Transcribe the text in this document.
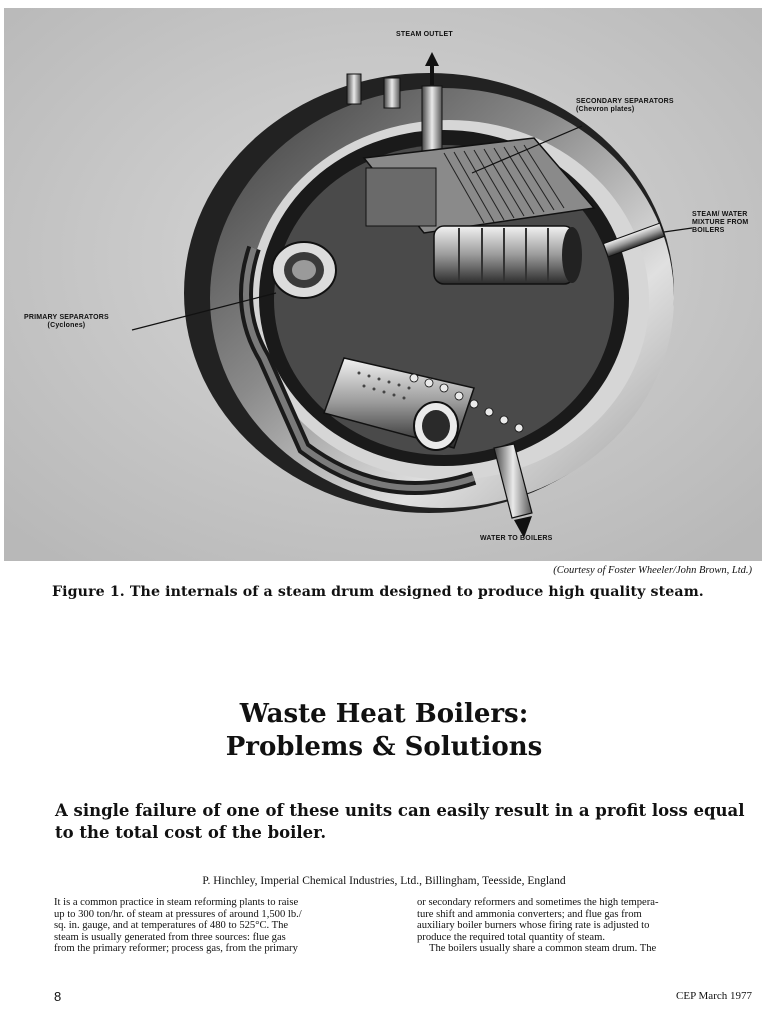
STEAM OUTLET
SECONDARY SEPARATORS
(Chevron plates)
STEAM/ WATER
MIXTURE FROM
BOILERS
PRIMARY SEPARATORS
(Cyclones)
WATER TO BOILERS
(Courtesy of Foster Wheeler/John Brown, Ltd.)
Figure 1. The internals of a steam drum designed to produce high quality steam.
Waste Heat Boilers:
Problems & Solutions
A single failure of one of these units can easily result in a profit loss equal to the total cost of the boiler.
P. Hinchley, Imperial Chemical Industries, Ltd., Billingham, Teesside, England
It is a common practice in steam reforming plants to raise
up to 300 ton/hr. of steam at pressures of around 1,500 lb./
sq. in. gauge, and at temperatures of 480 to 525°C. The
steam is usually generated from three sources: flue gas
from the primary reformer; process gas, from the primary
or secondary reformers and sometimes the high tempera-
ture shift and ammonia converters; and flue gas from
auxiliary boiler burners whose firing rate is adjusted to
produce the required total quantity of steam.
The boilers usually share a common steam drum. The
8	CEP March 1977
